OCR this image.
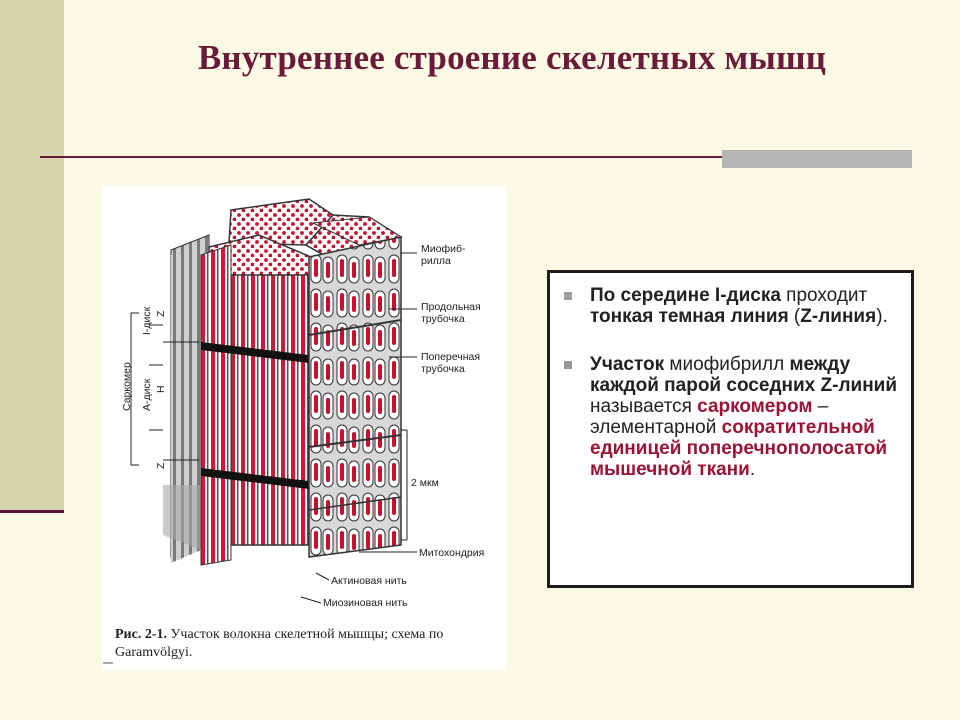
Внутреннее строение скелетных мышц
Миофиб-
рилла
Продольная
трубочка
Поперечная
трубочка
2 мкм
Митохондрия
Актиновая нить
Миозиновая нить
Саркомер
I-диск
А-диск
Z
H
Z
Рис. 2-1. Участок волокна скелетной мышцы; схема по Garamvölgyi.
По середине I-диска проходит тонкая темная линия (Z-линия).
Участок миофибрилл между каждой парой соседних Z-линий называется саркомером – элементарной сократительной единицей поперечнополосатой мышечной ткани.
